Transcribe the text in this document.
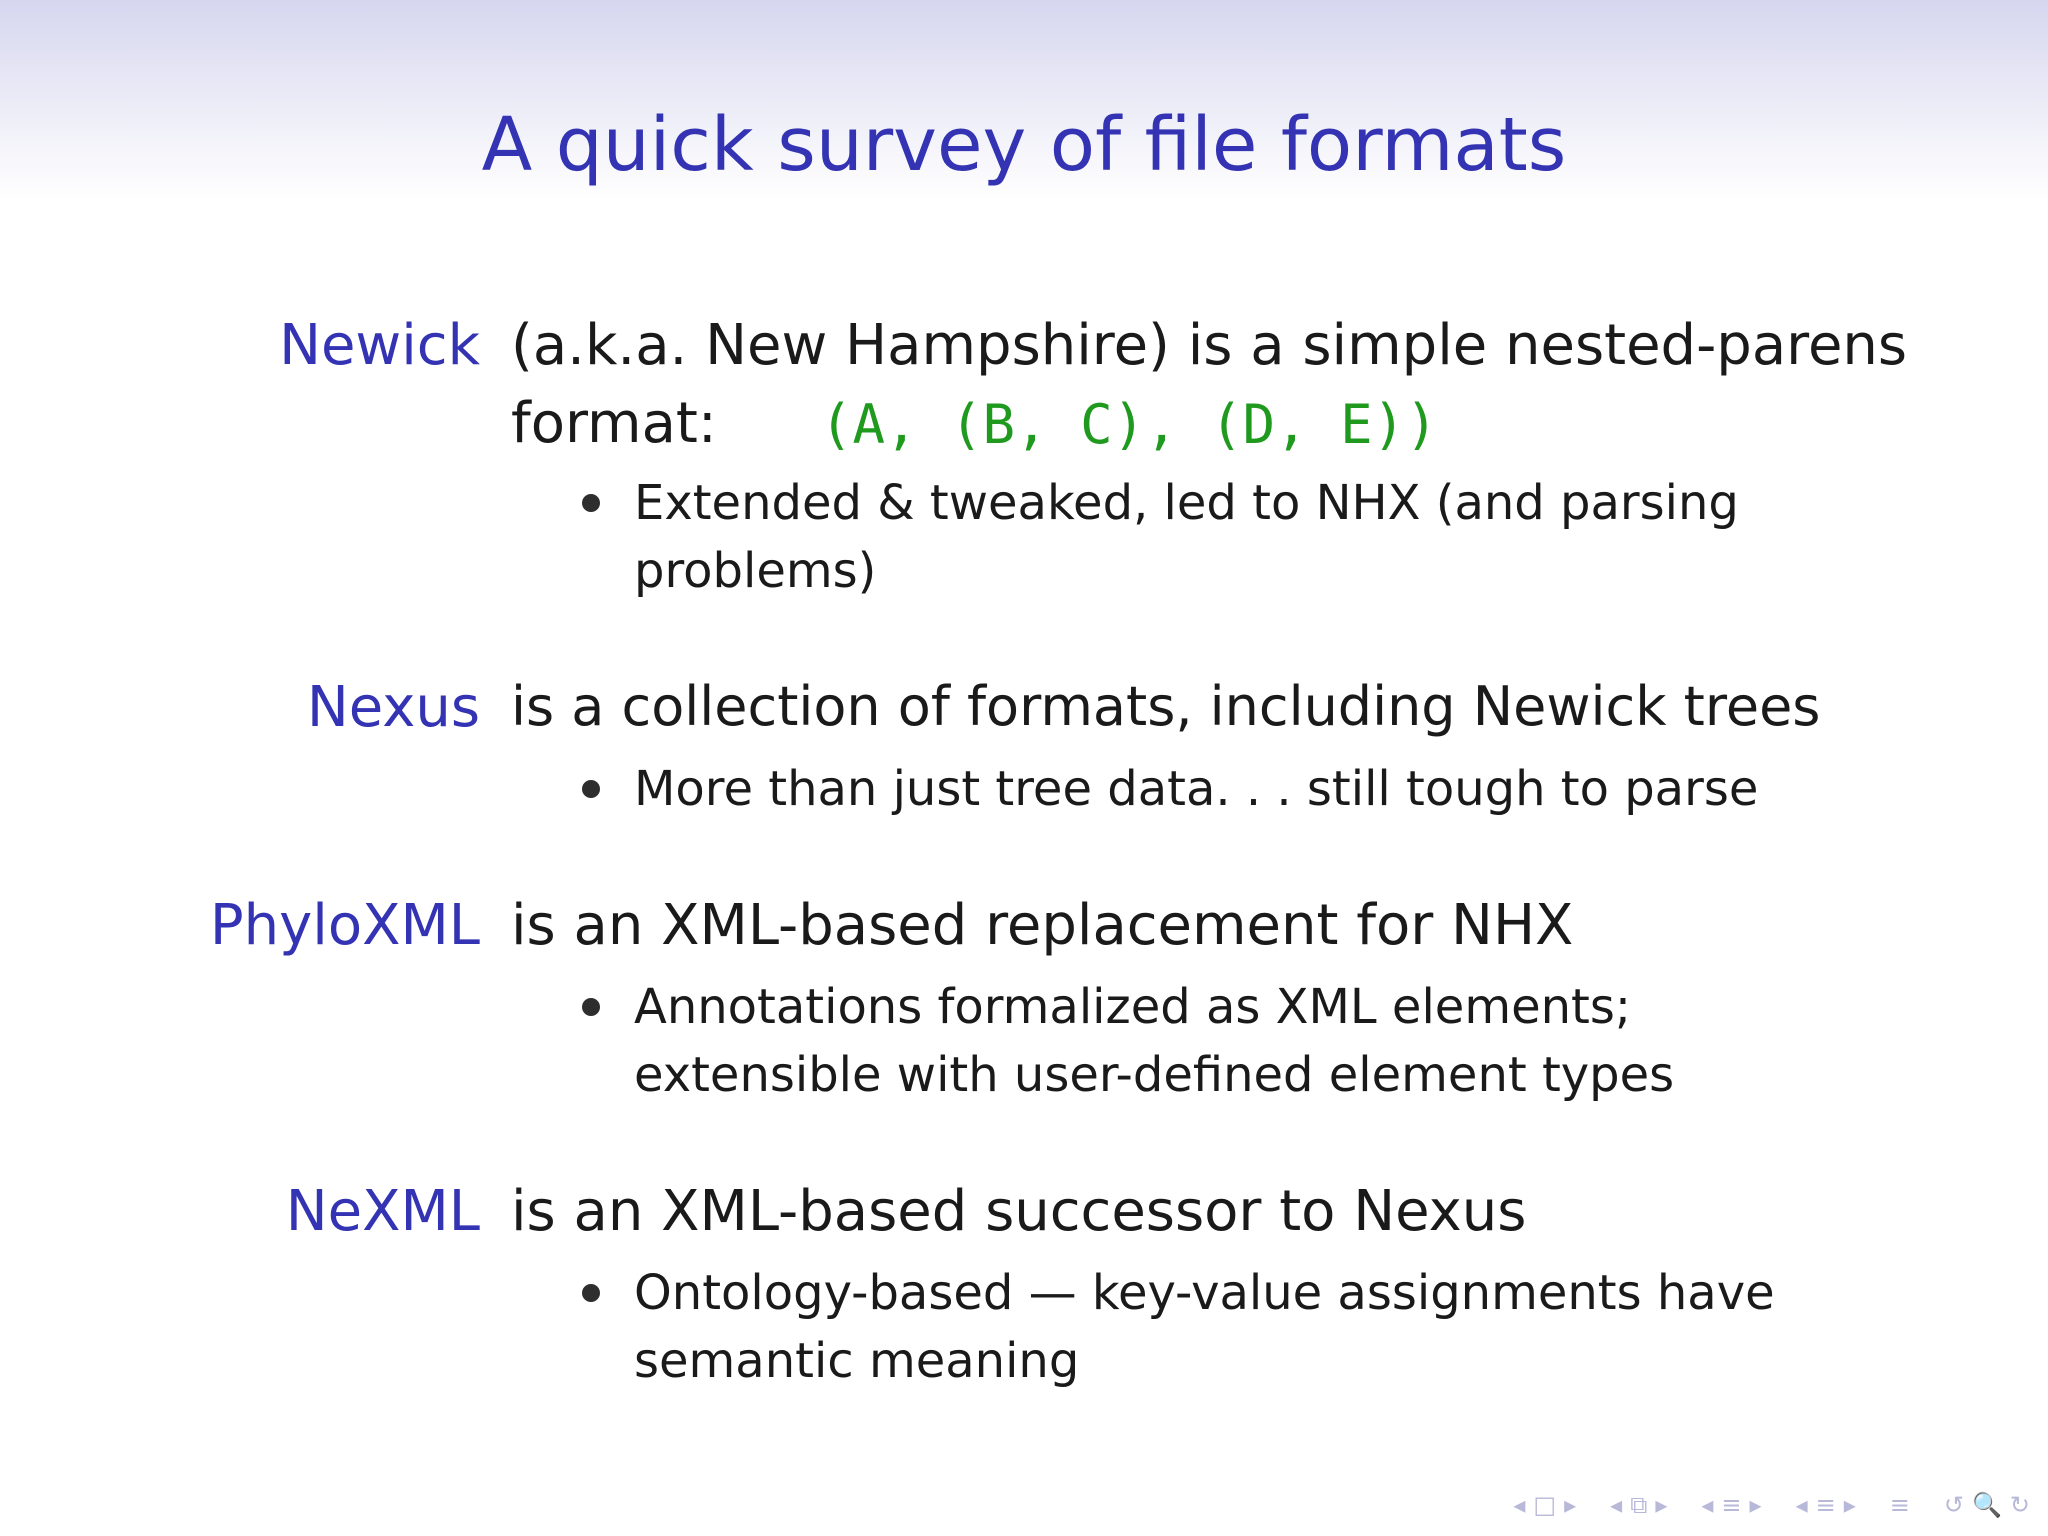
A quick survey of file formats
Newick (a.k.a. New Hampshire) is a simple nested-parens
format: (A, (B, C), (D, E))
Extended & tweaked, led to NHX (and parsing problems)
Nexus is a collection of formats, including Newick trees
More than just tree data. . . still tough to parse
PhyloXML is an XML-based replacement for NHX
Annotations formalized as XML elements; extensible with user-defined element types
NeXML is an XML-based successor to Nexus
Ontology-based — key-value assignments have semantic meaning
◂ □ ▸ ◂ ⧉ ▸ ◂ ≡ ▸ ◂ ≡ ▸ ≡ ↺ 🔍 ↻
